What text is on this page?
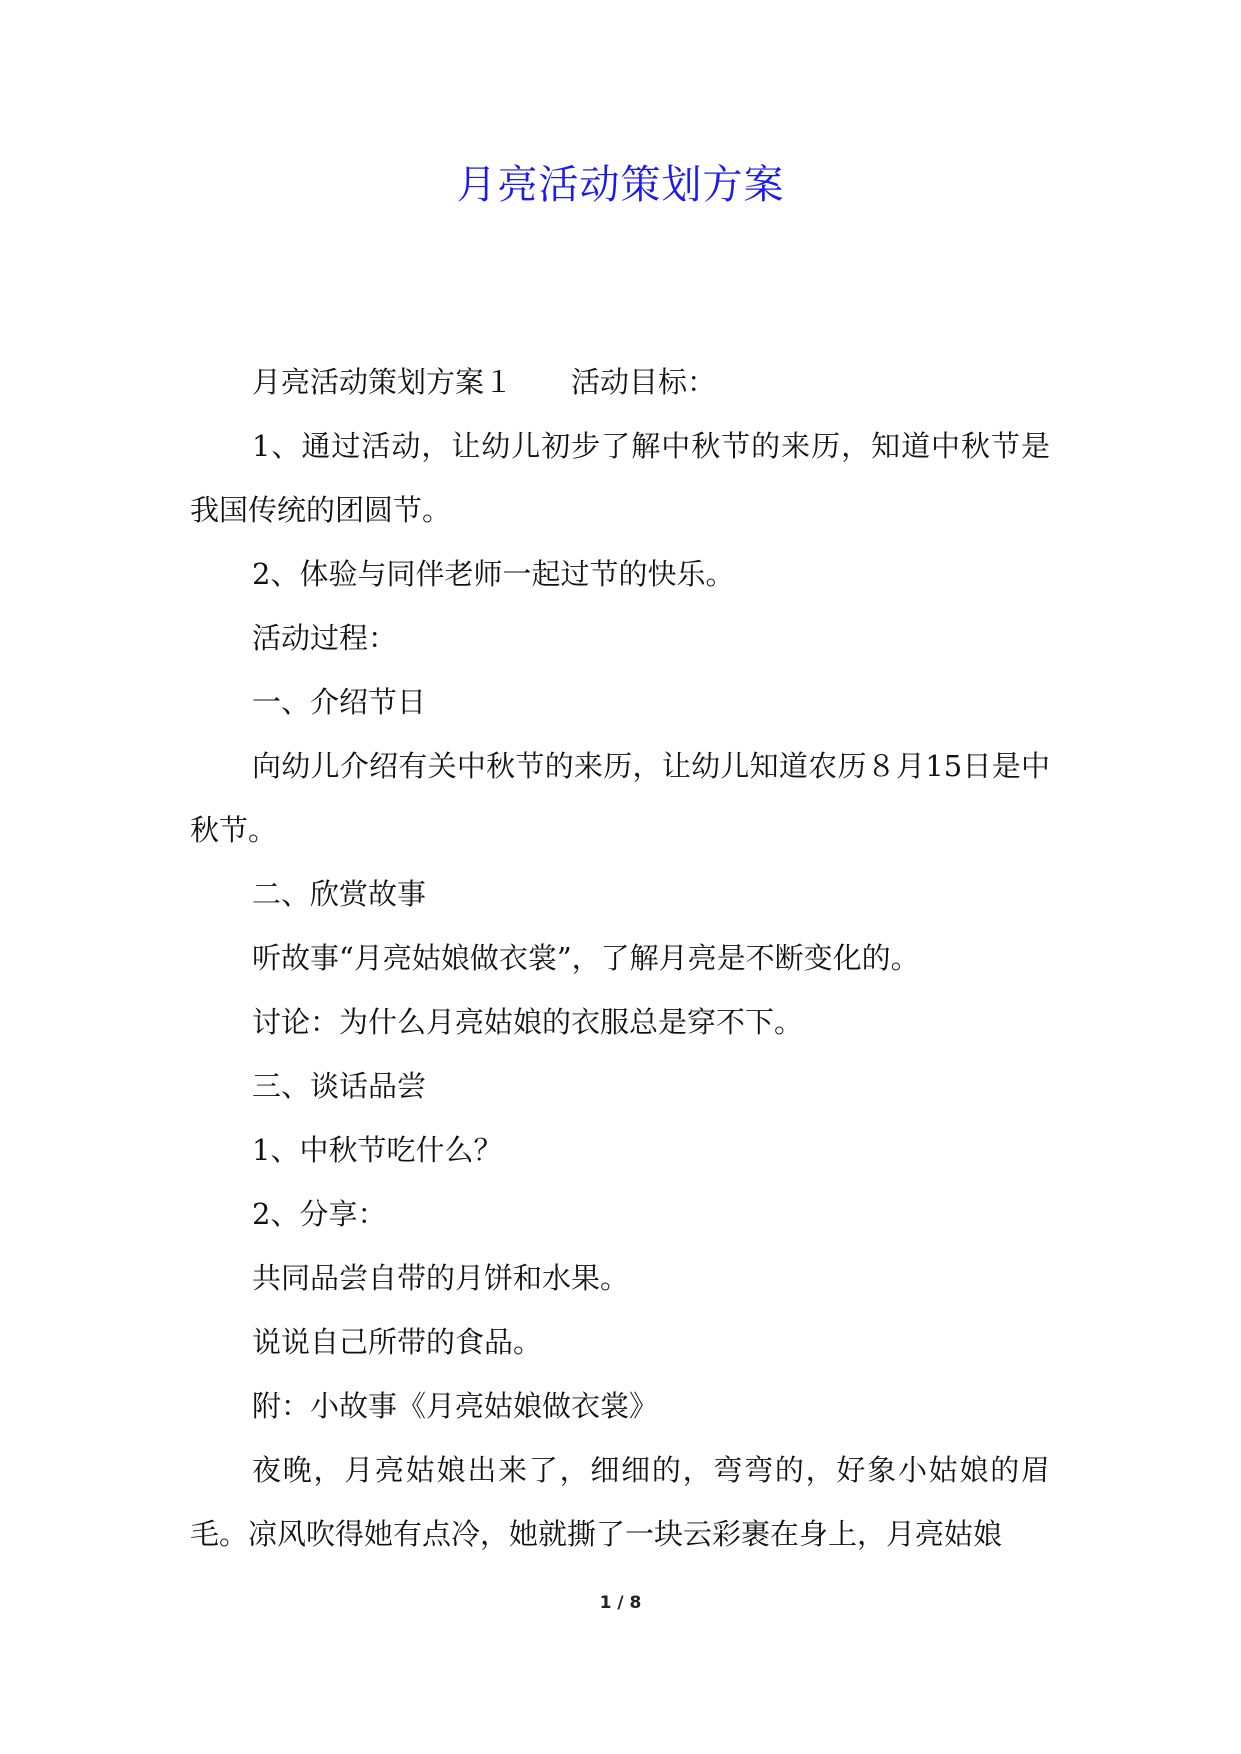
月亮活动策划方案

月亮活动策划方案１　　活动目标：

1、通过活动，让幼儿初步了解中秋节的来历，知道中秋节是我国传统的团圆节。

2、体验与同伴老师一起过节的快乐。

活动过程：

一、介绍节日

向幼儿介绍有关中秋节的来历，让幼儿知道农历８月15日是中秋节。

二、欣赏故事

听故事“月亮姑娘做衣裳”，了解月亮是不断变化的。

讨论：为什么月亮姑娘的衣服总是穿不下。

三、谈话品尝

1、中秋节吃什么？

2、分享：

共同品尝自带的月饼和水果。

说说自己所带的食品。

附：小故事《月亮姑娘做衣裳》

夜晚，月亮姑娘出来了，细细的，弯弯的，好象小姑娘的眉毛。凉风吹得她有点冷，她就撕了一块云彩裹在身上，月亮姑娘

1 / 8
